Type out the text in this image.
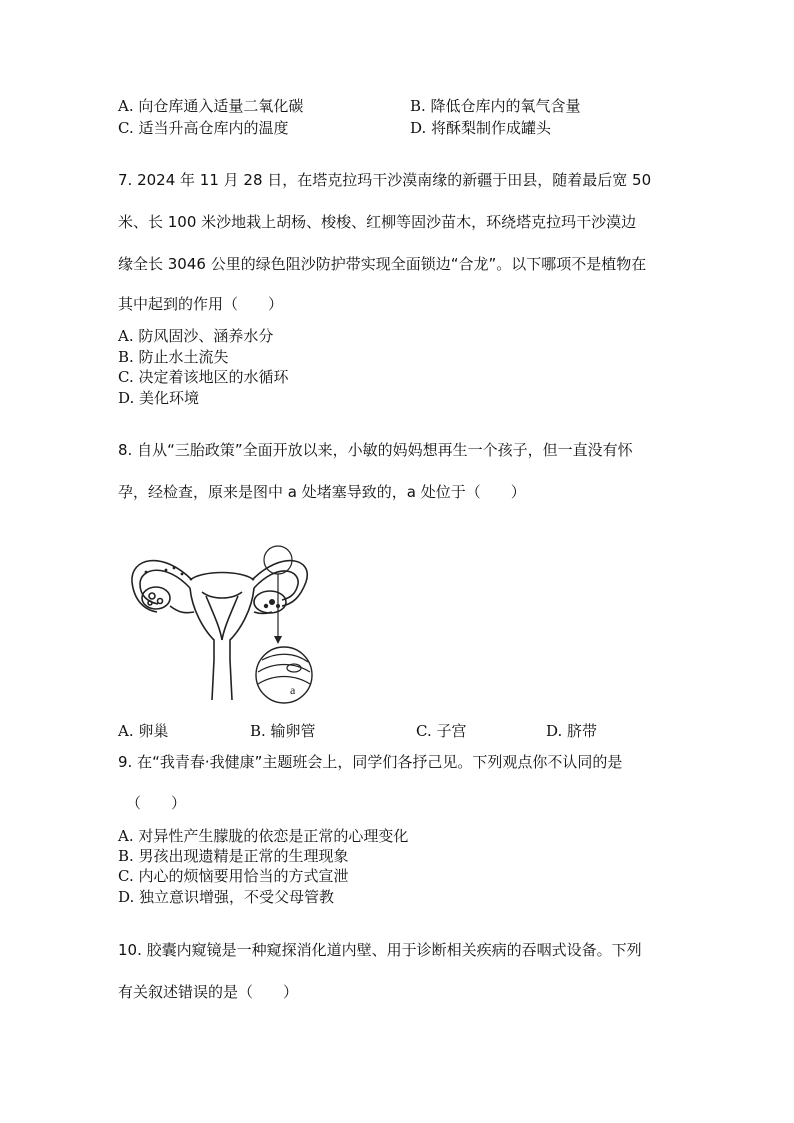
A. 向仓库通入适量二氧化碳	B. 降低仓库内的氧气含量
C. 适当升高仓库内的温度	D. 将酥梨制作成罐头
7. 2024 年 11 月 28 日，在塔克拉玛干沙漠南缘的新疆于田县，随着最后宽 50
米、长 100 米沙地栽上胡杨、梭梭、红柳等固沙苗木，环绕塔克拉玛干沙漠边
缘全长 3046 公里的绿色阻沙防护带实现全面锁边“合龙”。以下哪项不是植物在
其中起到的作用（　　）
A. 防风固沙、涵养水分
B. 防止水土流失
C. 决定着该地区的水循环
D. 美化环境
8. 自从“三胎政策”全面开放以来，小敏的妈妈想再生一个孩子，但一直没有怀
孕，经检查，原来是图中 a 处堵塞导致的，a 处位于（　　）
a
A. 卵巢	B. 输卵管	C. 子宫	D. 脐带
9. 在“我青春·我健康”主题班会上，同学们各抒己见。下列观点你不认同的是
（　　）
A. 对异性产生朦胧的依恋是正常的心理变化
B. 男孩出现遗精是正常的生理现象
C. 内心的烦恼要用恰当的方式宣泄
D. 独立意识增强，不受父母管教
10. 胶囊内窥镜是一种窥探消化道内壁、用于诊断相关疾病的吞咽式设备。下列
有关叙述错误的是（　　）
